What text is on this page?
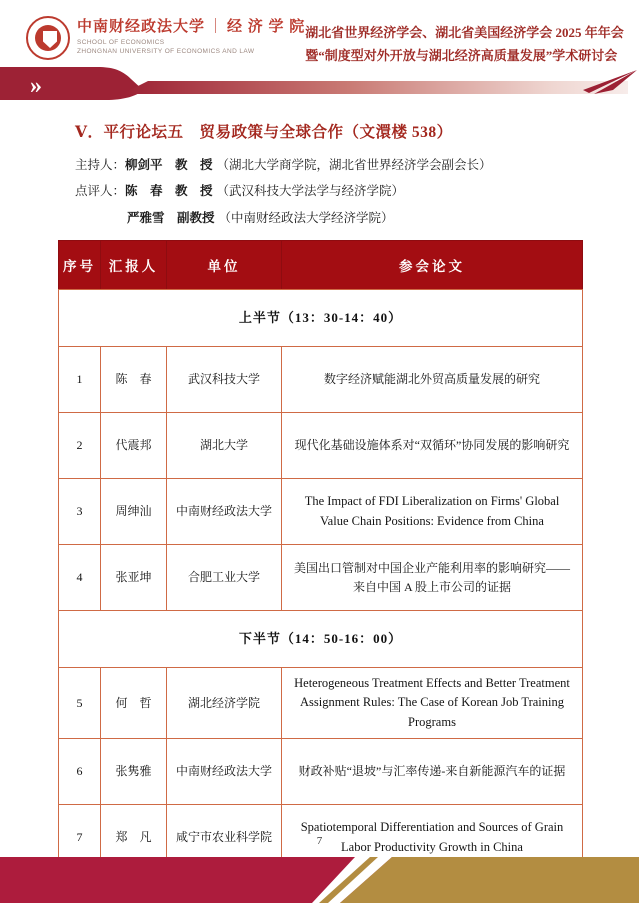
中南财经政法大学 ｜ 经 济 学 院
SCHOOL OF ECONOMICS
ZHONGNAN UNIVERSITY OF ECONOMICS AND LAW
湖北省世界经济学会、湖北省美国经济学会 2025 年年会
暨“制度型对外开放与湖北经济高质量发展”学术研讨会
»
Ⅴ．平行论坛五　贸易政策与全球合作（文澴楼 538）
主持人：柳剑平　教　授 （湖北大学商学院，湖北省世界经济学会副会长）
点评人：陈　春　教　授 （武汉科技大学法学与经济学院）
严雅雪　副教授 （中南财经政法大学经济学院）
序号	汇报人	单位	参会论文
上半节（13：30-14：40）			
1	陈　春	武汉科技大学	数字经济赋能湖北外贸高质量发展的研究
2	代震邦	湖北大学	现代化基础设施体系对“双循环”协同发展的影响研究
3	周绅汕	中南财经政法大学	The Impact of FDI Liberalization on Firms' Global Value Chain Positions: Evidence from China
4	张亚坤	合肥工业大学	美国出口管制对中国企业产能利用率的影响研究——来自中国 A 股上市公司的证据
下半节（14：50-16：00）			
5	何　哲	湖北经济学院	Heterogeneous Treatment Effects and Better Treatment Assignment Rules: The Case of Korean Job Training Programs
6	张隽雅	中南财经政法大学	财政补贴“退坡”与汇率传递-来自新能源汽车的证据
7	郑　凡	咸宁市农业科学院	Spatiotemporal Differentiation and Sources of Grain Labor Productivity Growth in China
7
